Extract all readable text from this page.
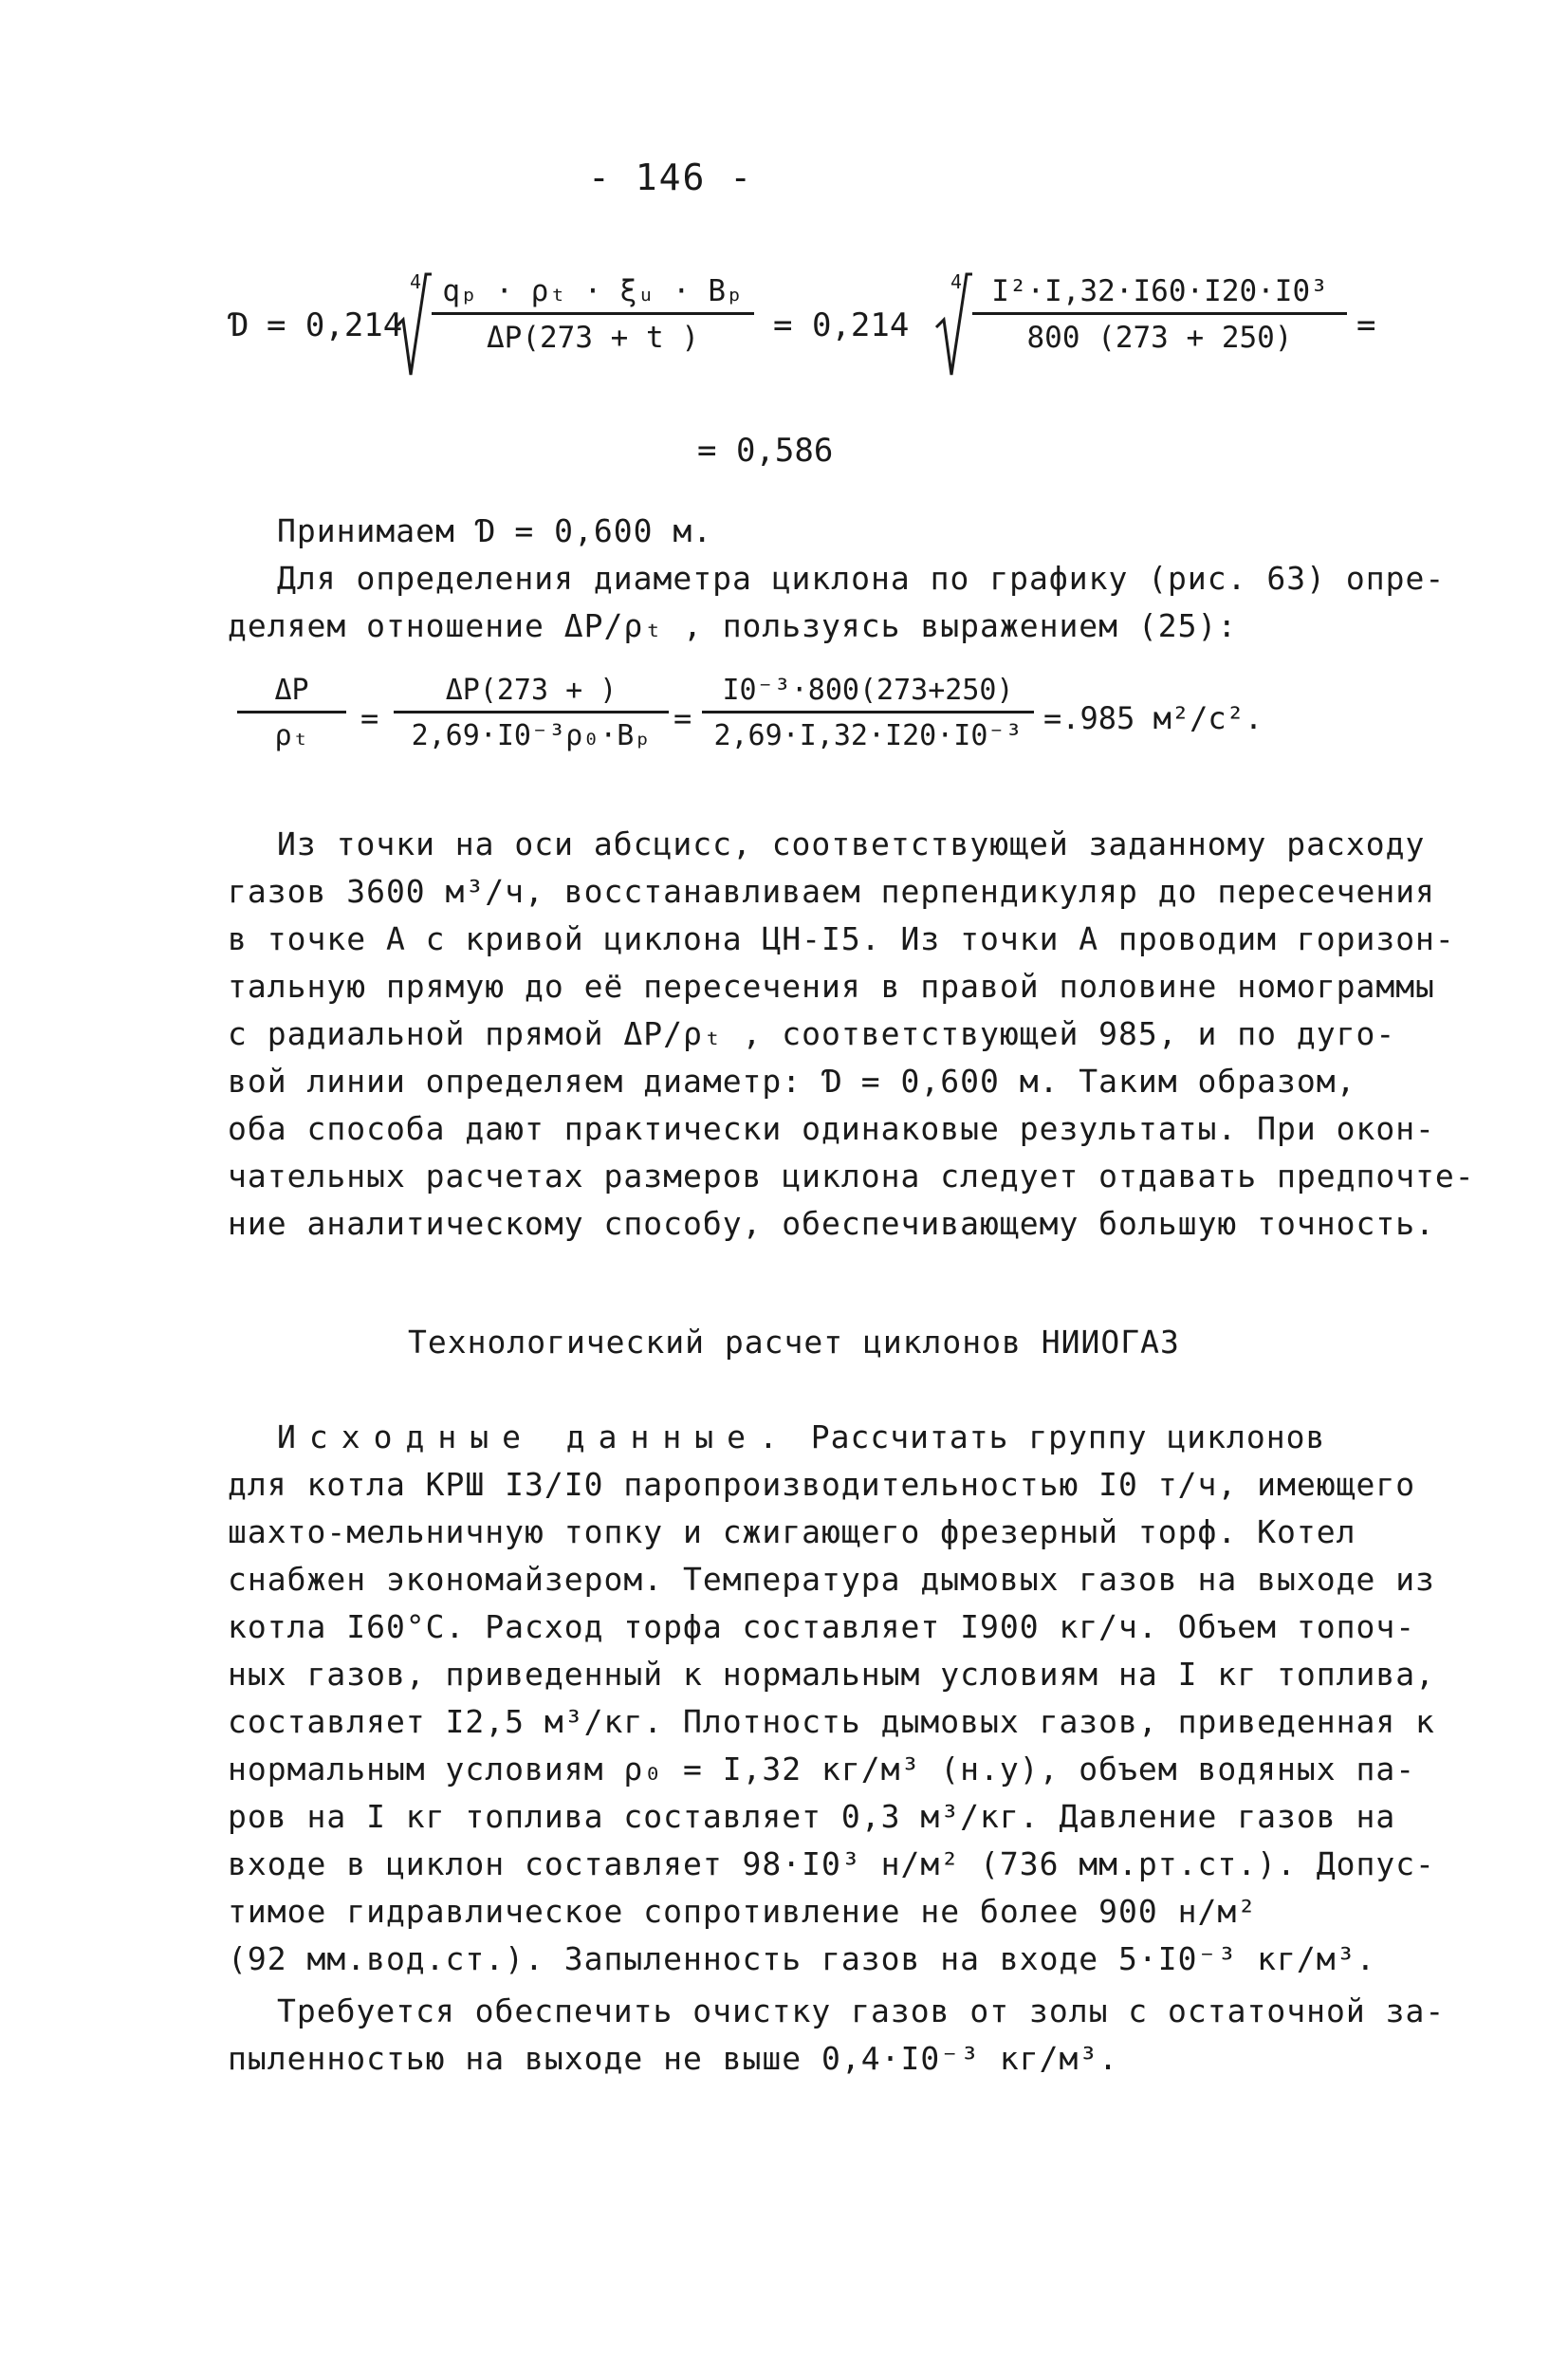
- 146 -
Ɗ = 0,214
$4 \frac{\text{qₚ · ρₜ · ξᵤ · Bₚ}}{\Delta P(273 + t )} = 0,214$
$4 \frac{\text{I²·I,32·I60·I20·I0³}}{800 (273 + 250)}$ =
= 0,586
Принимаем Ɗ = 0,600 м.
Для определения диаметра циклона по графику (рис. 63) опре-
деляем отношение ΔP/ρₜ , пользуясь выражением (25):
$\frac{\Delta P}{\text{ρₜ}} = \frac{\Delta P(273 + )}{\text{2,69·I0⁻³ρ₀·Bₚ}} = \frac{\text{I0⁻³·800(273+250)}}{\text{2,69·I,32·I20·I0⁻³}} =.985$ м²/с².
Из точки на оси абсцисс, соответствующей заданному расходу
газов 3600 м³/ч, восстанавливаем перпендикуляр до пересечения
в точке А с кривой циклона ЦН-I5. Из точки А проводим горизон-
тальную прямую до её пересечения в правой половине номограммы
с радиальной прямой ΔP/ρₜ , соответствующей 985, и по дуго-
вой линии определяем диаметр: Ɗ = 0,600 м. Таким образом,
оба способа дают практически одинаковые результаты. При окон-
чательных расчетах размеров циклона следует отдавать предпочте-
ние аналитическому способу, обеспечивающему большую точность.
Технологический расчет циклонов НИИОГАЗ
Исходные данные. Рассчитать группу циклонов
для котла КРШ I3/I0 паропроизводительностью I0 т/ч, имеющего
шахто-мельничную топку и сжигающего фрезерный торф. Котел
снабжен экономайзером. Температура дымовых газов на выходе из
котла I60°С. Расход торфа составляет I900 кг/ч. Объем топоч-
ных газов, приведенный к нормальным условиям на I кг топлива,
составляет I2,5 м³/кг. Плотность дымовых газов, приведенная к
нормальным условиям ρ₀ = I,32 кг/м³ (н.у), объем водяных па-
ров на I кг топлива составляет 0,3 м³/кг. Давление газов на
входе в циклон составляет 98·I0³ н/м² (736 мм.рт.ст.). Допус-
тимое гидравлическое сопротивление не более 900 н/м²
(92 мм.вод.ст.). Запыленность газов на входе 5·I0⁻³ кг/м³.
Требуется обеспечить очистку газов от золы с остаточной за-
пыленностью на выходе не выше 0,4·I0⁻³ кг/м³.
